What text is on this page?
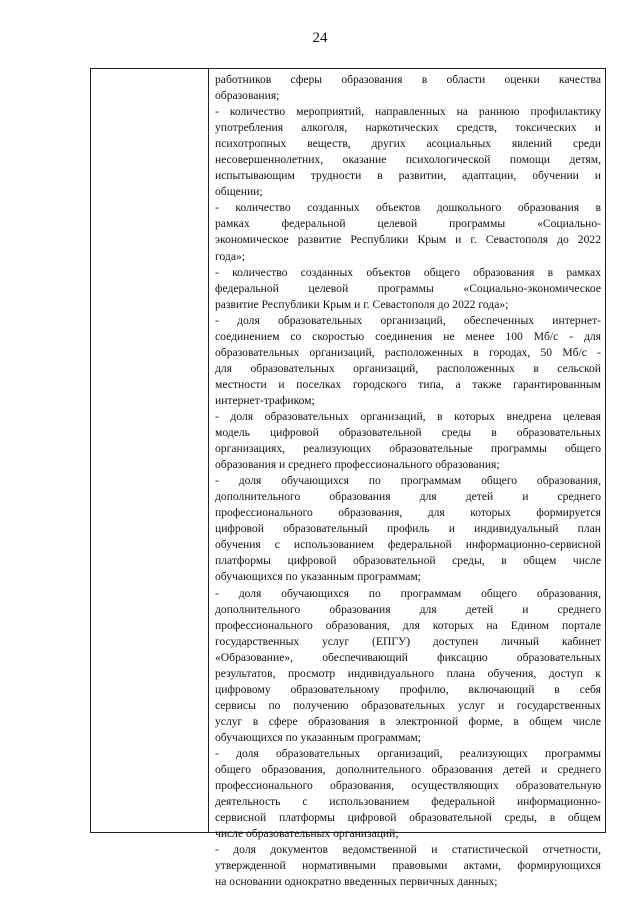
24
работников сферы образования в области оценки качества
образования;
- количество мероприятий, направленных на раннюю профилактику
употребления алкоголя, наркотических средств, токсических и
психотропных веществ, других асоциальных явлений среди
несовершеннолетних, оказание психологической помощи детям,
испытывающим трудности в развитии, адаптации, обучении и
общении;
- количество созданных объектов дошкольного образования в
рамках федеральной целевой программы «Социально-
экономическое развитие Республики Крым и г. Севастополя до 2022
года»;
- количество созданных объектов общего образования в рамках
федеральной целевой программы «Социально-экономическое
развитие Республики Крым и г. Севастополя до 2022 года»;
- доля образовательных организаций, обеспеченных интернет-
соединением со скоростью соединения не менее 100 Мб/с - для
образовательных организаций, расположенных в городах, 50 Мб/с -
для образовательных организаций, расположенных в сельской
местности и поселках городского типа, а также гарантированным
интернет-трафиком;
- доля образовательных организаций, в которых внедрена целевая
модель цифровой образовательной среды в образовательных
организациях, реализующих образовательные программы общего
образования и среднего профессионального образования;
- доля обучающихся по программам общего образования,
дополнительного образования для детей и среднего
профессионального образования, для которых формируется
цифровой образовательный профиль и индивидуальный план
обучения с использованием федеральной информационно-сервисной
платформы цифровой образовательной среды, в общем числе
обучающихся по указанным программам;
- доля обучающихся по программам общего образования,
дополнительного образования для детей и среднего
профессионального образования, для которых на Едином портале
государственных услуг (ЕПГУ) доступен личный кабинет
«Образование», обеспечивающий фиксацию образовательных
результатов, просмотр индивидуального плана обучения, доступ к
цифровому образовательному профилю, включающий в себя
сервисы по получению образовательных услуг и государственных
услуг в сфере образования в электронной форме, в общем числе
обучающихся по указанным программам;
- доля образовательных организаций, реализующих программы
общего образования, дополнительного образования детей и среднего
профессионального образования, осуществляющих образовательную
деятельность с использованием федеральной информационно-
сервисной платформы цифровой образовательной среды, в общем
числе образовательных организаций;
- доля документов ведомственной и статистической отчетности,
утвержденной нормативными правовыми актами, формирующихся
на основании однократно введенных первичных данных;
